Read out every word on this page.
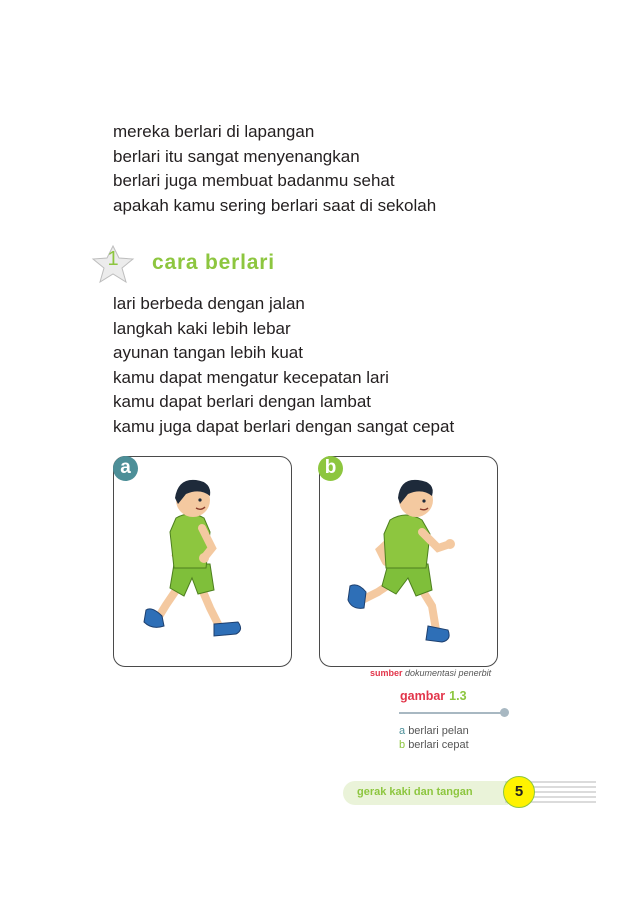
mereka berlari di lapangan

berlari itu sangat menyenangkan

berlari juga membuat badanmu sehat

apakah kamu sering berlari saat di sekolah

1	cara berlari

lari berbeda dengan jalan

langkah kaki lebih lebar

ayunan tangan lebih kuat

kamu dapat mengatur kecepatan lari

kamu dapat berlari dengan lambat

kamu juga dapat berlari dengan sangat cepat

a	b
sumber dokumentasi penerbit
gambar 1.3
a berlari pelan
b berlari cepat
gerak kaki dan tangan	5
